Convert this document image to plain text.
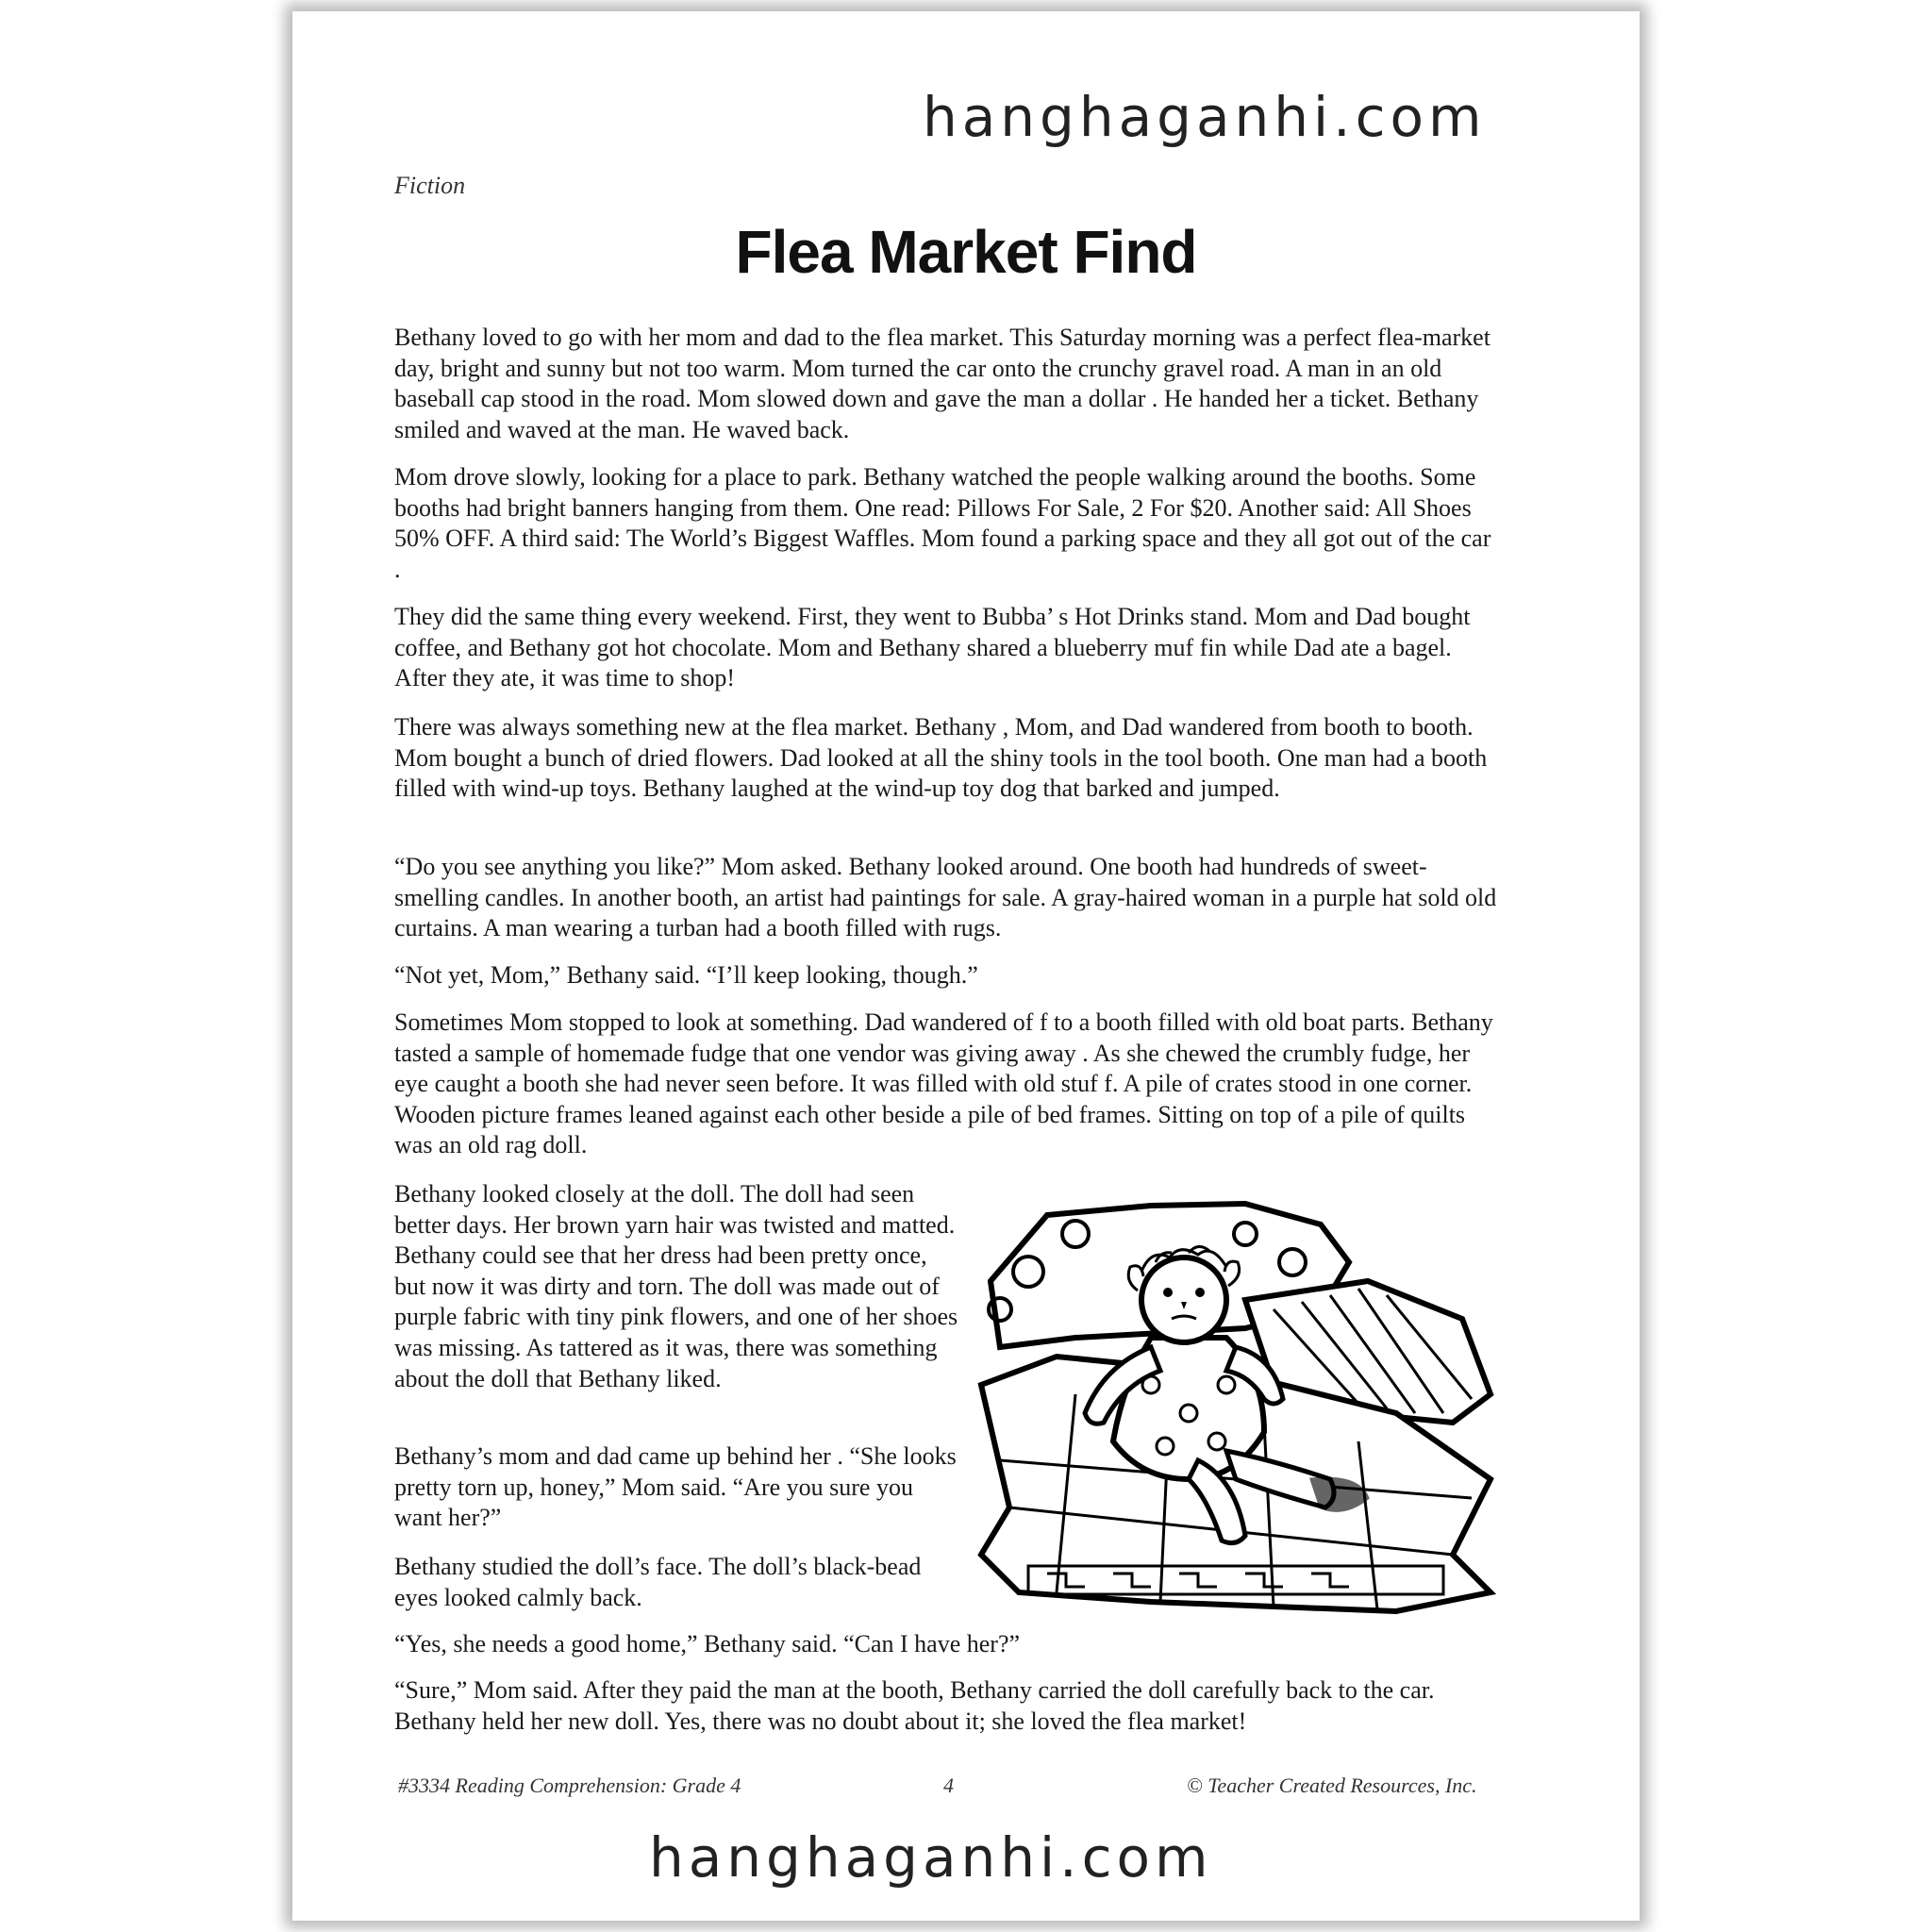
hanghaganhi.com
Fiction
Flea Market Find

Bethany loved to go with her mom and dad to the flea market. This Saturday morning was a perfect flea-market day, bright and sunny but not too warm. Mom turned the car onto the crunchy gravel road. A man in an old baseball cap stood in the road. Mom slowed down and gave the man a dollar . He handed her a ticket. Bethany smiled and waved at the man. He waved back.

Mom drove slowly, looking for a place to park. Bethany watched the people walking around the booths. Some booths had bright banners hanging from them. One read: Pillows For Sale, 2 For $20. Another said: All Shoes 50% OFF. A third said: The World’s Biggest Waffles. Mom found a parking space and they all got out of the car .

They did the same thing every weekend. First, they went to Bubba’ s Hot Drinks stand. Mom and Dad bought coffee, and Bethany got hot chocolate. Mom and Bethany shared a blueberry muf fin while Dad ate a bagel. After they ate, it was time to shop!

There was always something new at the flea market. Bethany , Mom, and Dad wandered from booth to booth. Mom bought a bunch of dried flowers. Dad looked at all the shiny tools in the tool booth. One man had a booth filled with wind-up toys. Bethany laughed at the wind-up toy dog that barked and jumped.

“Do you see anything you like?” Mom asked. Bethany looked around. One booth had hundreds of sweet-smelling candles. In another booth, an artist had paintings for sale. A gray-haired woman in a purple hat sold old curtains. A man wearing a turban had a booth filled with rugs.

“Not yet, Mom,” Bethany said. “I’ll keep looking, though.”

Sometimes Mom stopped to look at something. Dad wandered of f to a booth filled with old boat parts. Bethany tasted a sample of homemade fudge that one vendor was giving away . As she chewed the crumbly fudge, her eye caught a booth she had never seen before. It was filled with old stuf f. A pile of crates stood in one corner. Wooden picture frames leaned against each other beside a pile of bed frames. Sitting on top of a pile of quilts was an old rag doll.

Bethany looked closely at the doll. The doll had seen better days. Her brown yarn hair was twisted and matted. Bethany could see that her dress had been pretty once, but now it was dirty and torn. The doll was made out of purple fabric with tiny pink flowers, and one of her shoes was missing. As tattered as it was, there was something about the doll that Bethany liked.

Bethany’s mom and dad came up behind her . “She looks pretty torn up, honey,” Mom said. “Are you sure you want her?”

Bethany studied the doll’s face. The doll’s black-bead eyes looked calmly back.

“Yes, she needs a good home,” Bethany said. “Can I have her?”

“Sure,” Mom said. After they paid the man at the booth, Bethany carried the doll carefully back to the car. Bethany held her new doll. Yes, there was no doubt about it; she loved the flea market!

#3334 Reading Comprehension: Grade 4	4	© Teacher Created Resources, Inc.
hanghaganhi.com
